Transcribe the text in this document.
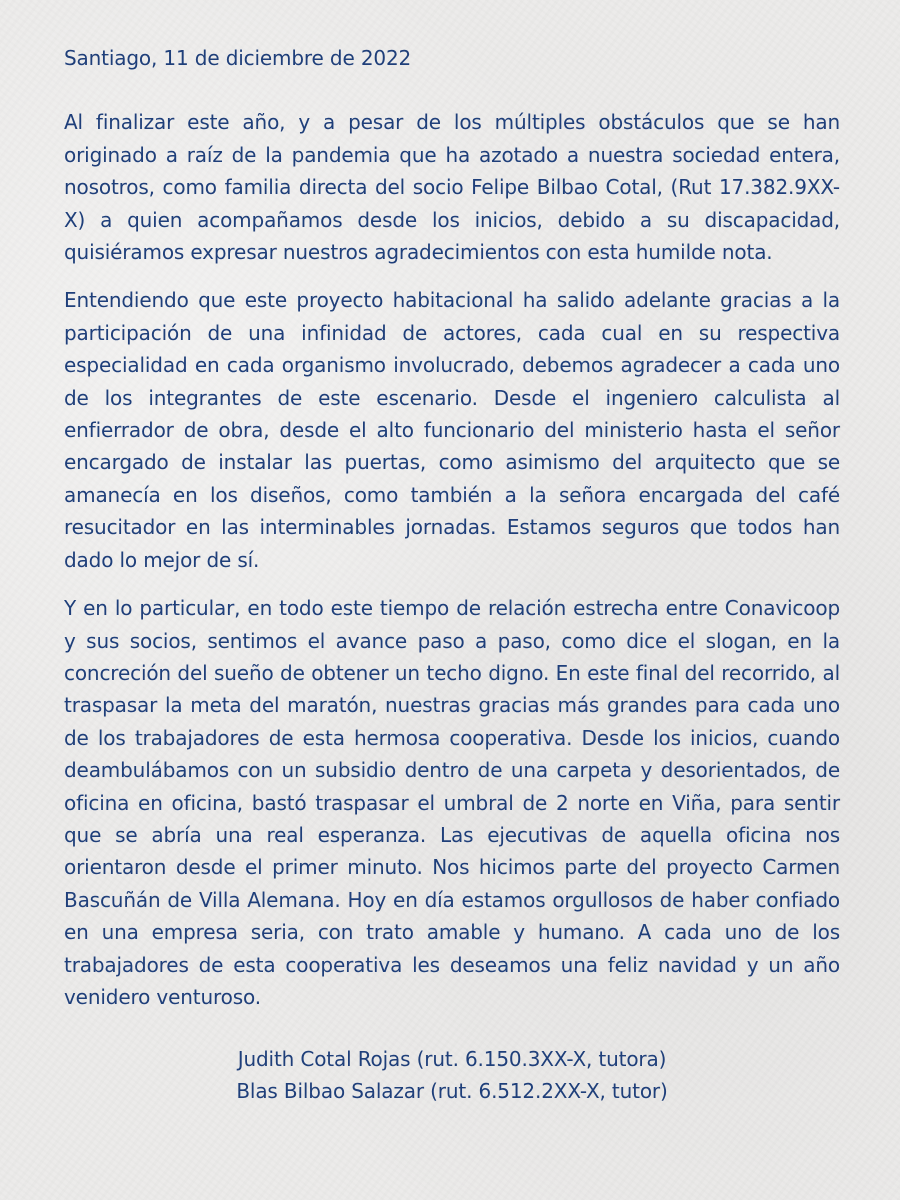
Santiago, 11 de diciembre de 2022

Al finalizar este año, y a pesar de los múltiples obstáculos que se han originado a raíz de la pandemia que ha azotado a nuestra sociedad entera, nosotros, como familia directa del socio Felipe Bilbao Cotal, (Rut 17.382.9XX-X) a quien acompañamos desde los inicios, debido a su discapacidad, quisiéramos expresar nuestros agradecimientos con esta humilde nota.

Entendiendo que este proyecto habitacional ha salido adelante gracias a la participación de una infinidad de actores, cada cual en su respectiva especialidad en cada organismo involucrado, debemos agradecer a cada uno de los integrantes de este escenario. Desde el ingeniero calculista al enfierrador de obra, desde el alto funcionario del ministerio hasta el señor encargado de instalar las puertas, como asimismo del arquitecto que se amanecía en los diseños, como también a la señora encargada del café resucitador en las interminables jornadas. Estamos seguros que todos han dado lo mejor de sí.

Y en lo particular, en todo este tiempo de relación estrecha entre Conavicoop y sus socios, sentimos el avance paso a paso, como dice el slogan, en la concreción del sueño de obtener un techo digno. En este final del recorrido, al traspasar la meta del maratón, nuestras gracias más grandes para cada uno de los trabajadores de esta hermosa cooperativa. Desde los inicios, cuando deambulábamos con un subsidio dentro de una carpeta y desorientados, de oficina en oficina, bastó traspasar el umbral de 2 norte en Viña, para sentir que se abría una real esperanza. Las ejecutivas de aquella oficina nos orientaron desde el primer minuto. Nos hicimos parte del proyecto Carmen Bascuñán de Villa Alemana. Hoy en día estamos orgullosos de haber confiado en una empresa seria, con trato amable y humano. A cada uno de los trabajadores de esta cooperativa les deseamos una feliz navidad y un año venidero venturoso.

Judith Cotal Rojas (rut. 6.150.3XX-X, tutora)
Blas Bilbao Salazar (rut. 6.512.2XX-X, tutor)
